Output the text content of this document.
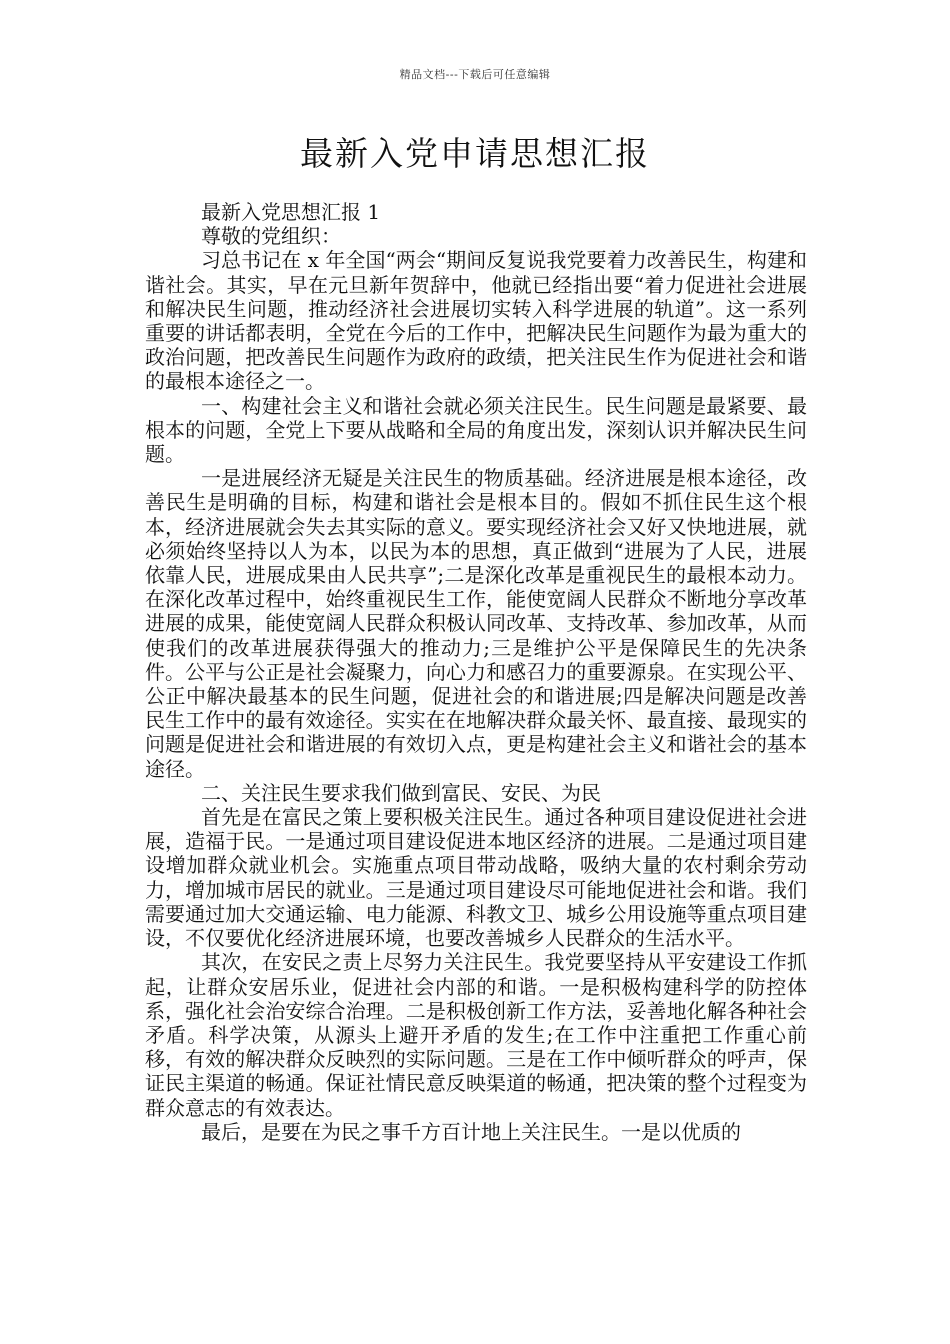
精品文档---下载后可任意编辑
最新入党申请思想汇报

最新入党思想汇报 1

尊敬的党组织：

习总书记在 x 年全国“两会“期间反复说我党要着力改善民生，构建和谐社会。其实，早在元旦新年贺辞中，他就已经指出要“着力促进社会进展和解决民生问题，推动经济社会进展切实转入科学进展的轨道”。这一系列重要的讲话都表明，全党在今后的工作中，把解决民生问题作为最为重大的政治问题，把改善民生问题作为政府的政绩，把关注民生作为促进社会和谐的最根本途径之一。

一、构建社会主义和谐社会就必须关注民生。民生问题是最紧要、最根本的问题，全党上下要从战略和全局的角度出发，深刻认识并解决民生问题。

一是进展经济无疑是关注民生的物质基础。经济进展是根本途径，改善民生是明确的目标，构建和谐社会是根本目的。假如不抓住民生这个根本，经济进展就会失去其实际的意义。要实现经济社会又好又快地进展，就必须始终坚持以人为本，以民为本的思想，真正做到“进展为了人民，进展依靠人民，进展成果由人民共享”;二是深化改革是重视民生的最根本动力。在深化改革过程中，始终重视民生工作，能使宽阔人民群众不断地分享改革进展的成果，能使宽阔人民群众积极认同改革、支持改革、参加改革，从而使我们的改革进展获得强大的推动力;三是维护公平是保障民生的先决条件。公平与公正是社会凝聚力，向心力和感召力的重要源泉。在实现公平、公正中解决最基本的民生问题，促进社会的和谐进展;四是解决问题是改善民生工作中的最有效途径。实实在在地解决群众最关怀、最直接、最现实的问题是促进社会和谐进展的有效切入点，更是构建社会主义和谐社会的基本途径。

二、关注民生要求我们做到富民、安民、为民

首先是在富民之策上要积极关注民生。通过各种项目建设促进社会进展，造福于民。一是通过项目建设促进本地区经济的进展。二是通过项目建设增加群众就业机会。实施重点项目带动战略，吸纳大量的农村剩余劳动力，增加城市居民的就业。三是通过项目建设尽可能地促进社会和谐。我们需要通过加大交通运输、电力能源、科教文卫、城乡公用设施等重点项目建设，不仅要优化经济进展环境，也要改善城乡人民群众的生活水平。

其次，在安民之责上尽努力关注民生。我党要坚持从平安建设工作抓起，让群众安居乐业，促进社会内部的和谐。一是积极构建科学的防控体系，强化社会治安综合治理。二是积极创新工作方法，妥善地化解各种社会矛盾。科学决策，从源头上避开矛盾的发生;在工作中注重把工作重心前移，有效的解决群众反映烈的实际问题。三是在工作中倾听群众的呼声，保证民主渠道的畅通。保证社情民意反映渠道的畅通，把决策的整个过程变为群众意志的有效表达。

最后，是要在为民之事千方百计地上关注民生。一是以优质的
